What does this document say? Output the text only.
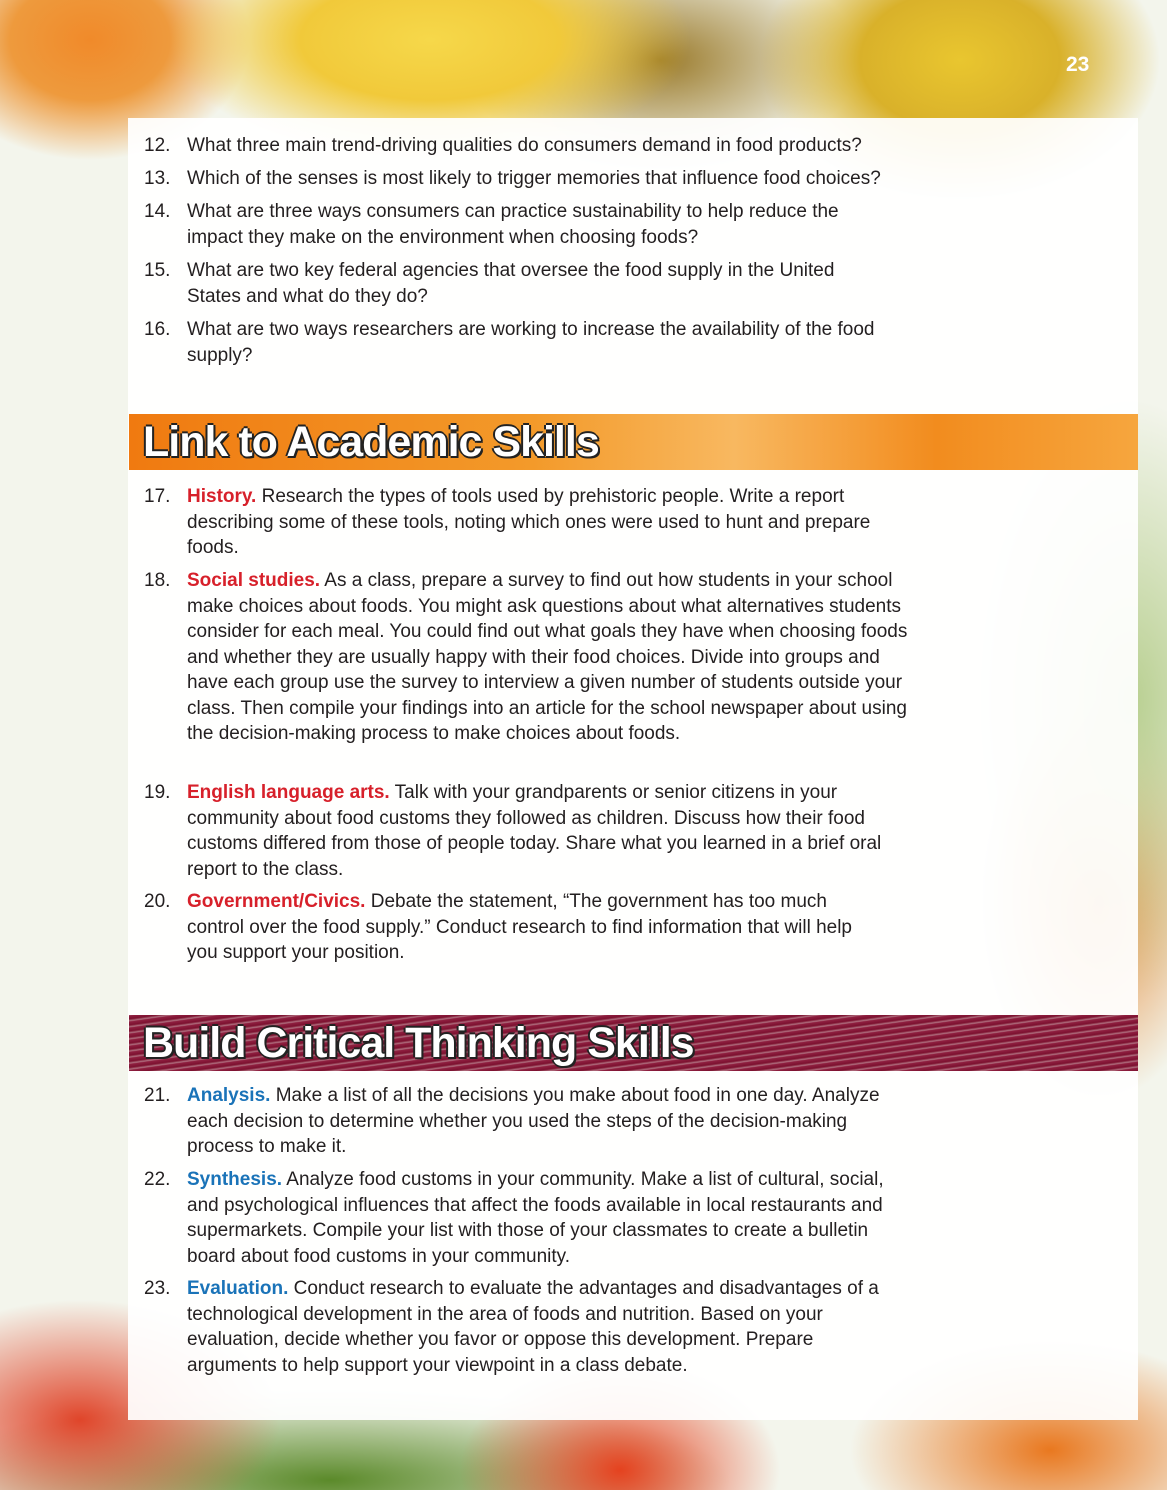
23
12. What three main trend-driving qualities do consumers demand in food products?
13. Which of the senses is most likely to trigger memories that influence food choices?
14. What are three ways consumers can practice sustainability to help reduce the impact they make on the environment when choosing foods?
15. What are two key federal agencies that oversee the food supply in the United States and what do they do?
16. What are two ways researchers are working to increase the availability of the food supply?
Link to Academic Skills
17. History. Research the types of tools used by prehistoric people. Write a report describing some of these tools, noting which ones were used to hunt and prepare foods.
18. Social studies. As a class, prepare a survey to find out how students in your school make choices about foods. You might ask questions about what alternatives students consider for each meal. You could find out what goals they have when choosing foods and whether they are usually happy with their food choices. Divide into groups and have each group use the survey to interview a given number of students outside your class. Then compile your findings into an article for the school newspaper about using the decision-making process to make choices about foods.
19. English language arts. Talk with your grandparents or senior citizens in your community about food customs they followed as children. Discuss how their food customs differed from those of people today. Share what you learned in a brief oral report to the class.
20. Government/Civics. Debate the statement, “The government has too much control over the food supply.” Conduct research to find information that will help you support your position.
Build Critical Thinking Skills
21. Analysis. Make a list of all the decisions you make about food in one day. Analyze each decision to determine whether you used the steps of the decision-making process to make it.
22. Synthesis. Analyze food customs in your community. Make a list of cultural, social, and psychological influences that affect the foods available in local restaurants and supermarkets. Compile your list with those of your classmates to create a bulletin board about food customs in your community.
23. Evaluation. Conduct research to evaluate the advantages and disadvantages of a technological development in the area of foods and nutrition. Based on your evaluation, decide whether you favor or oppose this development. Prepare arguments to help support your viewpoint in a class debate.
